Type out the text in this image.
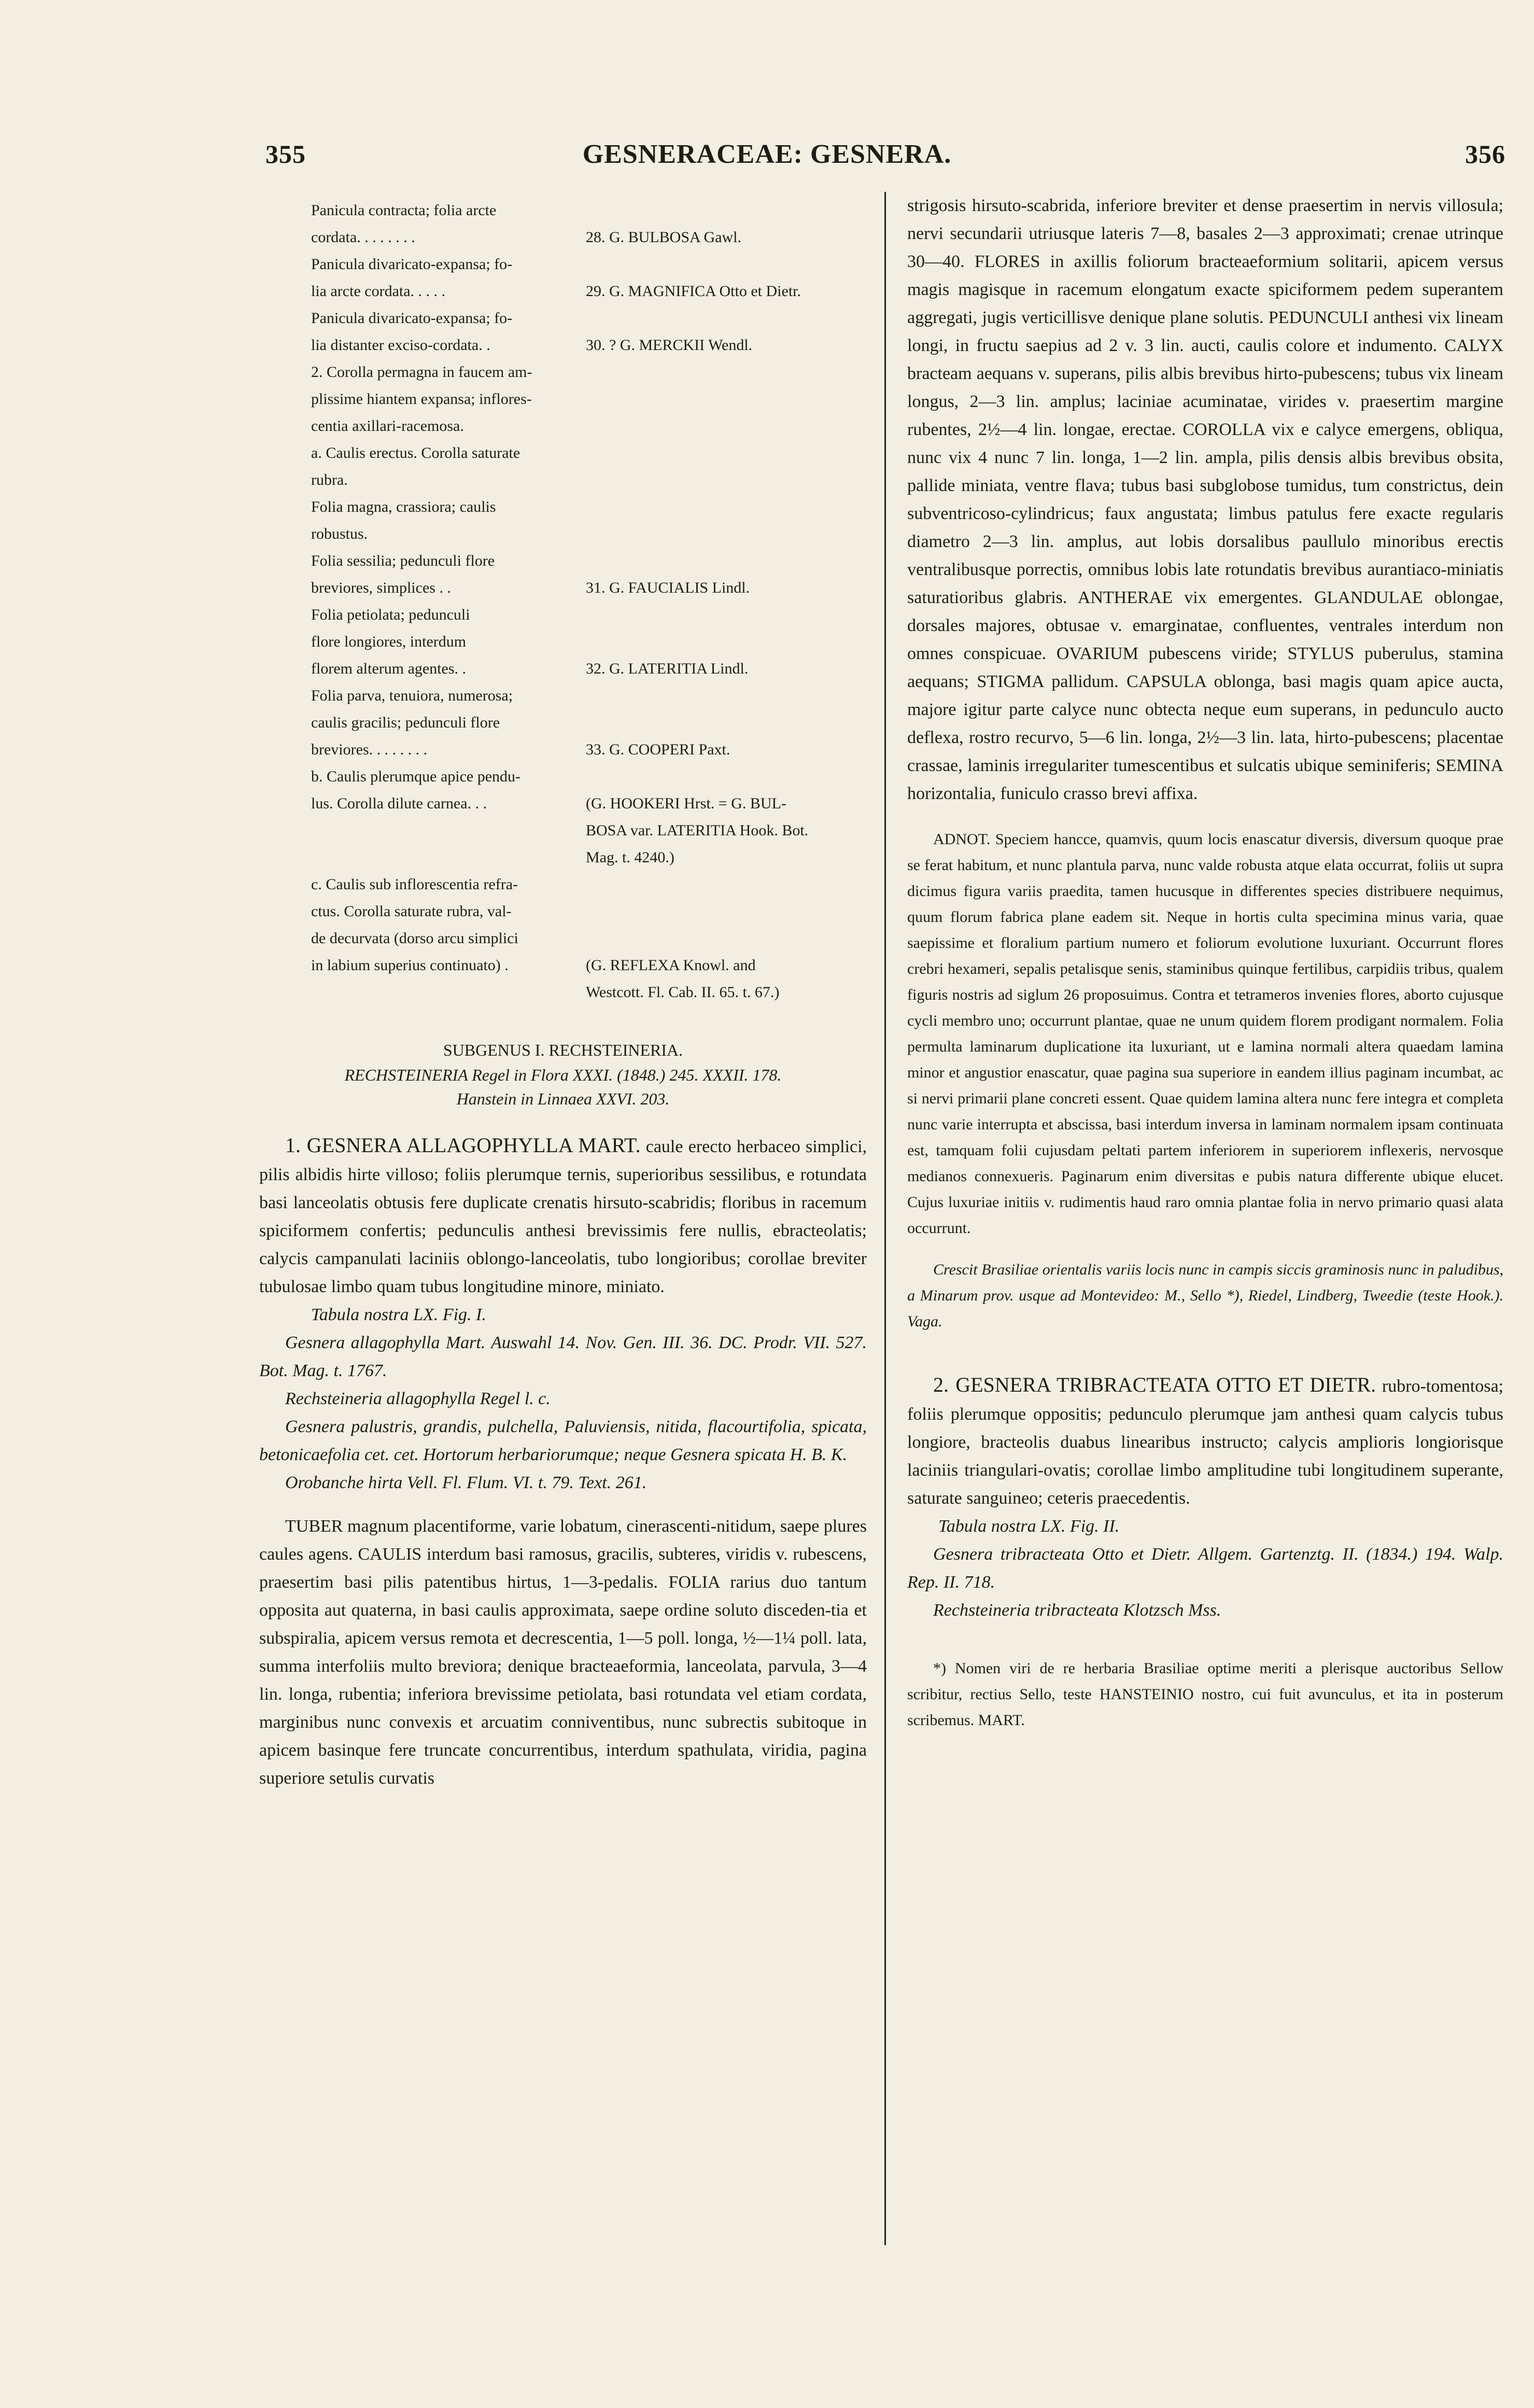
355	GESNERACEAE: GESNERA.	356
Panicula contracta; folia arcte
cordata. . . . . . . .	28. G. BULBOSA Gawl.
Panicula divaricato-expansa; fo-
lia arcte cordata. . . . .	29. G. MAGNIFICA Otto et Dietr.
Panicula divaricato-expansa; fo-
lia distanter exciso-cordata. .	30. ? G. MERCKII Wendl.
2. Corolla permagna in faucem am-
plissime hiantem expansa; inflores-
centia axillari-racemosa.
a. Caulis erectus. Corolla saturate
rubra.
Folia magna, crassiora; caulis
robustus.
Folia sessilia; pedunculi flore
breviores, simplices . .	31. G. FAUCIALIS Lindl.
Folia petiolata; pedunculi
flore longiores, interdum
florem alterum agentes. .	32. G. LATERITIA Lindl.
Folia parva, tenuiora, numerosa;
caulis gracilis; pedunculi flore
breviores. . . . . . . .	33. G. COOPERI Paxt.
b. Caulis plerumque apice pendu-
lus. Corolla dilute carnea. . .	(G. HOOKERI Hrst. = G. BUL-
BOSA var. LATERITIA Hook. Bot.
Mag. t. 4240.)
c. Caulis sub inflorescentia refra-
ctus. Corolla saturate rubra, val-
de decurvata (dorso arcu simplici
in labium superius continuato) .	(G. REFLEXA Knowl. and
Westcott. Fl. Cab. II. 65. t. 67.)

SUBGENUS I. RECHSTEINERIA.

RECHSTEINERIA Regel in Flora XXXI. (1848.) 245. XXXII. 178.

Hanstein in Linnaea XXVI. 203.

1. GESNERA ALLAGOPHYLLA MART. caule erecto herbaceo simplici, pilis albidis hirte villoso; foliis plerumque ternis, superioribus sessilibus, e rotundata basi lanceolatis obtusis fere duplicate crenatis hirsuto-scabridis; floribus in racemum spiciformem confertis; pedunculis anthesi brevissimis fere nullis, ebracteolatis; calycis campanulati laciniis oblongo-lanceolatis, tubo longioribus; corollae breviter tubulosae limbo quam tubus longitudine minore, miniato.

Tabula nostra LX. Fig. I.

Gesnera allagophylla Mart. Auswahl 14. Nov. Gen. III. 36. DC. Prodr. VII. 527. Bot. Mag. t. 1767.

Rechsteineria allagophylla Regel l. c.

Gesnera palustris, grandis, pulchella, Paluviensis, nitida, flacourtifolia, spicata, betonicaefolia cet. cet. Hortorum herbariorumque; neque Gesnera spicata H. B. K.

Orobanche hirta Vell. Fl. Flum. VI. t. 79. Text. 261.

TUBER magnum placentiforme, varie lobatum, cinerascenti-nitidum, saepe plures caules agens. CAULIS interdum basi ramosus, gracilis, subteres, viridis v. rubescens, praesertim basi pilis patentibus hirtus, 1—3-pedalis. FOLIA rarius duo tantum opposita aut quaterna, in basi caulis approximata, saepe ordine soluto disceden-tia et subspiralia, apicem versus remota et decrescentia, 1—5 poll. longa, ½—1¼ poll. lata, summa interfoliis multo breviora; denique bracteaeformia, lanceolata, parvula, 3—4 lin. longa, rubentia; inferiora brevissime petiolata, basi rotundata vel etiam cordata, marginibus nunc convexis et arcuatim conniventibus, nunc subrectis subitoque in apicem basinque fere truncate concurrentibus, interdum spathulata, viridia, pagina superiore setulis curvatis

strigosis hirsuto-scabrida, inferiore breviter et dense praesertim in nervis villosula; nervi secundarii utriusque lateris 7—8, basales 2—3 approximati; crenae utrinque 30—40. FLORES in axillis foliorum bracteaeformium solitarii, apicem versus magis magisque in racemum elongatum exacte spiciformem pedem superantem aggregati, jugis verticillisve denique plane solutis. PEDUNCULI anthesi vix lineam longi, in fructu saepius ad 2 v. 3 lin. aucti, caulis colore et indumento. CALYX bracteam aequans v. superans, pilis albis brevibus hirto-pubescens; tubus vix lineam longus, 2—3 lin. amplus; laciniae acuminatae, virides v. praesertim margine rubentes, 2½—4 lin. longae, erectae. COROLLA vix e calyce emergens, obliqua, nunc vix 4 nunc 7 lin. longa, 1—2 lin. ampla, pilis densis albis brevibus obsita, pallide miniata, ventre flava; tubus basi subglobose tumidus, tum constrictus, dein subventricoso-cylindricus; faux angustata; limbus patulus fere exacte regularis diametro 2—3 lin. amplus, aut lobis dorsalibus paullulo minoribus erectis ventralibusque porrectis, omnibus lobis late rotundatis brevibus aurantiaco-miniatis saturatioribus glabris. ANTHERAE vix emergentes. GLANDULAE oblongae, dorsales majores, obtusae v. emarginatae, confluentes, ventrales interdum non omnes conspicuae. OVARIUM pubescens viride; STYLUS puberulus, stamina aequans; STIGMA pallidum. CAPSULA oblonga, basi magis quam apice aucta, majore igitur parte calyce nunc obtecta neque eum superans, in pedunculo aucto deflexa, rostro recurvo, 5—6 lin. longa, 2½—3 lin. lata, hirto-pubescens; placentae crassae, laminis irregulariter tumescentibus et sulcatis ubique seminiferis; SEMINA horizontalia, funiculo crasso brevi affixa.

ADNOT. Speciem hancce, quamvis, quum locis enascatur diversis, diversum quoque prae se ferat habitum, et nunc plantula parva, nunc valde robusta atque elata occurrat, foliis ut supra dicimus figura variis praedita, tamen hucusque in differentes species distribuere nequimus, quum florum fabrica plane eadem sit. Neque in hortis culta specimina minus varia, quae saepissime et floralium partium numero et foliorum evolutione luxuriant. Occurrunt flores crebri hexameri, sepalis petalisque senis, staminibus quinque fertilibus, carpidiis tribus, qualem figuris nostris ad siglum 26 proposuimus. Contra et tetrameros invenies flores, aborto cujusque cycli membro uno; occurrunt plantae, quae ne unum quidem florem prodigant normalem. Folia permulta laminarum duplicatione ita luxuriant, ut e lamina normali altera quaedam lamina minor et angustior enascatur, quae pagina sua superiore in eandem illius paginam incumbat, ac si nervi primarii plane concreti essent. Quae quidem lamina altera nunc fere integra et completa nunc varie interrupta et abscissa, basi interdum inversa in laminam normalem ipsam continuata est, tamquam folii cujusdam peltati partem inferiorem in superiorem inflexeris, nervosque medianos connexueris. Paginarum enim diversitas e pubis natura differente ubique elucet. Cujus luxuriae initiis v. rudimentis haud raro omnia plantae folia in nervo primario quasi alata occurrunt.

Crescit Brasiliae orientalis variis locis nunc in campis siccis graminosis nunc in paludibus, a Minarum prov. usque ad Montevideo: M., Sello *), Riedel, Lindberg, Tweedie (teste Hook.). Vaga.

2. GESNERA TRIBRACTEATA OTTO ET DIETR. rubro-tomentosa; foliis plerumque oppositis; pedunculo plerumque jam anthesi quam calycis tubus longiore, bracteolis duabus linearibus instructo; calycis amplioris longiorisque laciniis triangulari-ovatis; corollae limbo amplitudine tubi longitudinem superante, saturate sanguineo; ceteris praecedentis.

Tabula nostra LX. Fig. II.

Gesnera tribracteata Otto et Dietr. Allgem. Gartenztg. II. (1834.) 194. Walp. Rep. II. 718.

Rechsteineria tribracteata Klotzsch Mss.

*) Nomen viri de re herbaria Brasiliae optime meriti a plerisque auctoribus Sellow scribitur, rectius Sello, teste HANSTEINIO nostro, cui fuit avunculus, et ita in posterum scribemus. MART.
